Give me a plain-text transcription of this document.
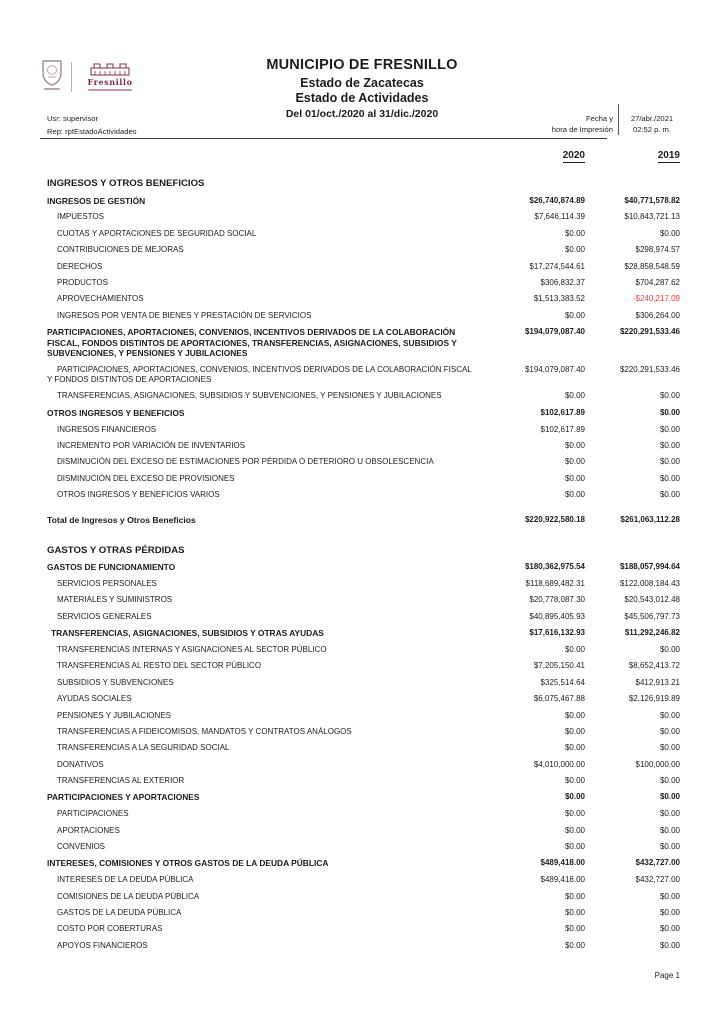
Fresnillo
MUNICIPIO DE FRESNILLO
Estado de Zacatecas
Estado de Actividades
Del 01/oct./2020 al 31/dic./2020
Usr: supervisor
Rep: rptEstadoActividades
Fecha y
hora de Impresión
27/abr./2021
02:52 p. m.
2020	2019
INGRESOS Y OTROS BENEFICIOS
INGRESOS DE GESTIÓN	$26,740,874.89	$40,771,578.82
IMPUESTOS	$7,646,114.39	$10,843,721.13
CUOTAS Y APORTACIONES DE SEGURIDAD SOCIAL	$0.00	$0.00
CONTRIBUCIONES DE MEJORAS	$0.00	$298,974.57
DERECHOS	$17,274,544.61	$28,858,548.59
PRODUCTOS	$306,832.37	$704,287.62
APROVECHAMIENTOS	$1,513,383.52	-$240,217.09
INGRESOS POR VENTA DE BIENES Y PRESTACIÓN DE SERVICIOS	$0.00	$306,264.00
PARTICIPACIONES, APORTACIONES, CONVENIOS, INCENTIVOS DERIVADOS DE LA COLABORACIÓN FISCAL, FONDOS DISTINTOS DE APORTACIONES, TRANSFERENCIAS, ASIGNACIONES, SUBSIDIOS Y SUBVENCIONES, Y PENSIONES Y JUBILACIONES
$194,079,087.40	$220,291,533.46
PARTICIPACIONES, APORTACIONES, CONVENIOS, INCENTIVOS DERIVADOS DE LA COLABORACIÓN FISCAL Y FONDOS DISTINTOS DE APORTACIONES
$194,079,087.40	$220,291,533.46
TRANSFERENCIAS, ASIGNACIONES, SUBSIDIOS Y SUBVENCIONES, Y PENSIONES Y JUBILACIONES	$0.00	$0.00
OTROS INGRESOS Y BENEFICIOS	$102,617.89	$0.00
INGRESOS FINANCIEROS	$102,617.89	$0.00
INCREMENTO POR VARIACIÓN DE INVENTARIOS	$0.00	$0.00
DISMINUCIÓN DEL EXCESO DE ESTIMACIONES POR PÉRDIDA O DETERIORO U OBSOLESCENCIA	$0.00	$0.00
DISMINUCIÓN DEL EXCESO DE PROVISIONES	$0.00	$0.00
OTROS INGRESOS Y BENEFICIOS VARIOS	$0.00	$0.00
Total de Ingresos y Otros Beneficios	$220,922,580.18	$261,063,112.28
GASTOS Y OTRAS PÉRDIDAS
GASTOS DE FUNCIONAMIENTO	$180,362,975.54	$188,057,994.64
SERVICIOS PERSONALES	$118,689,482.31	$122,008,184.43
MATERIALES Y SUMINISTROS	$20,778,087.30	$20,543,012.48
SERVICIOS GENERALES	$40,895,405.93	$45,506,797.73
TRANSFERENCIAS, ASIGNACIONES, SUBSIDIOS Y OTRAS AYUDAS	$17,616,132.93	$11,292,246.82
TRANSFERENCIAS INTERNAS Y ASIGNACIONES AL SECTOR PÚBLICO	$0.00	$0.00
TRANSFERENCIAS AL RESTO DEL SECTOR PÚBLICO	$7,205,150.41	$8,652,413.72
SUBSIDIOS Y SUBVENCIONES	$325,514.64	$412,913.21
AYUDAS SOCIALES	$6,075,467.88	$2,126,919.89
PENSIONES Y JUBILACIONES	$0.00	$0.00
TRANSFERENCIAS A FIDEICOMISOS, MANDATOS Y CONTRATOS ANÁLOGOS	$0.00	$0.00
TRANSFERENCIAS A LA SEGURIDAD SOCIAL	$0.00	$0.00
DONATIVOS	$4,010,000.00	$100,000.00
TRANSFERENCIAS AL EXTERIOR	$0.00	$0.00
PARTICIPACIONES Y APORTACIONES	$0.00	$0.00
PARTICIPACIONES	$0.00	$0.00
APORTACIONES	$0.00	$0.00
CONVENIOS	$0.00	$0.00
INTERESES, COMISIONES Y OTROS GASTOS DE LA DEUDA PÚBLICA	$489,418.00	$432,727.00
INTERESES DE LA DEUDA PÚBLICA	$489,418.00	$432,727.00
COMISIONES DE LA DEUDA PÚBLICA	$0.00	$0.00
GASTOS DE LA DEUDA PÚBLICA	$0.00	$0.00
COSTO POR COBERTURAS	$0.00	$0.00
APOYOS FINANCIEROS	$0.00	$0.00
Page 1
